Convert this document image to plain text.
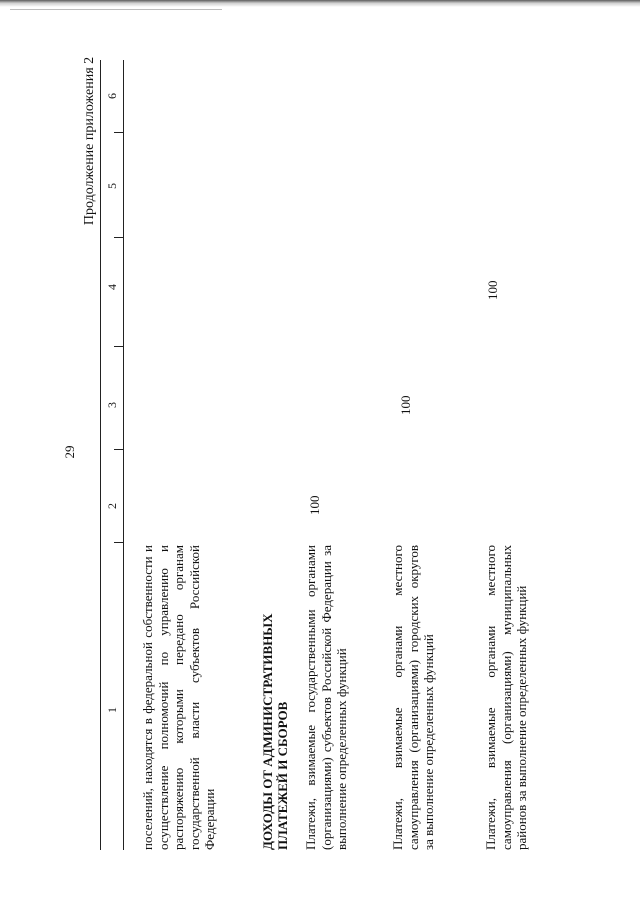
29
Продолжение приложения 2
1
2
3
4
5
6
поселений, находятся в федеральной собственности и осуществление полномочий по управлению и распоряжению которыми передано органам государственной власти субъектов Российской Федерации	ДОХОДЫ ОТ АДМИНИСТРАТИВНЫХ ПЛАТЕЖЕЙ И СБОРОВ Платежи, взимаемые государственными органами (организациями) субъектов Российской Федерации за выполнение определенных функций
100
Платежи, взимаемые органами местного самоуправления (организациями) городских округов за выполнение определенных функций
100
Платежи, взимаемые органами местного самоуправления (организациями) муниципальных районов за выполнение определенных функций
100
